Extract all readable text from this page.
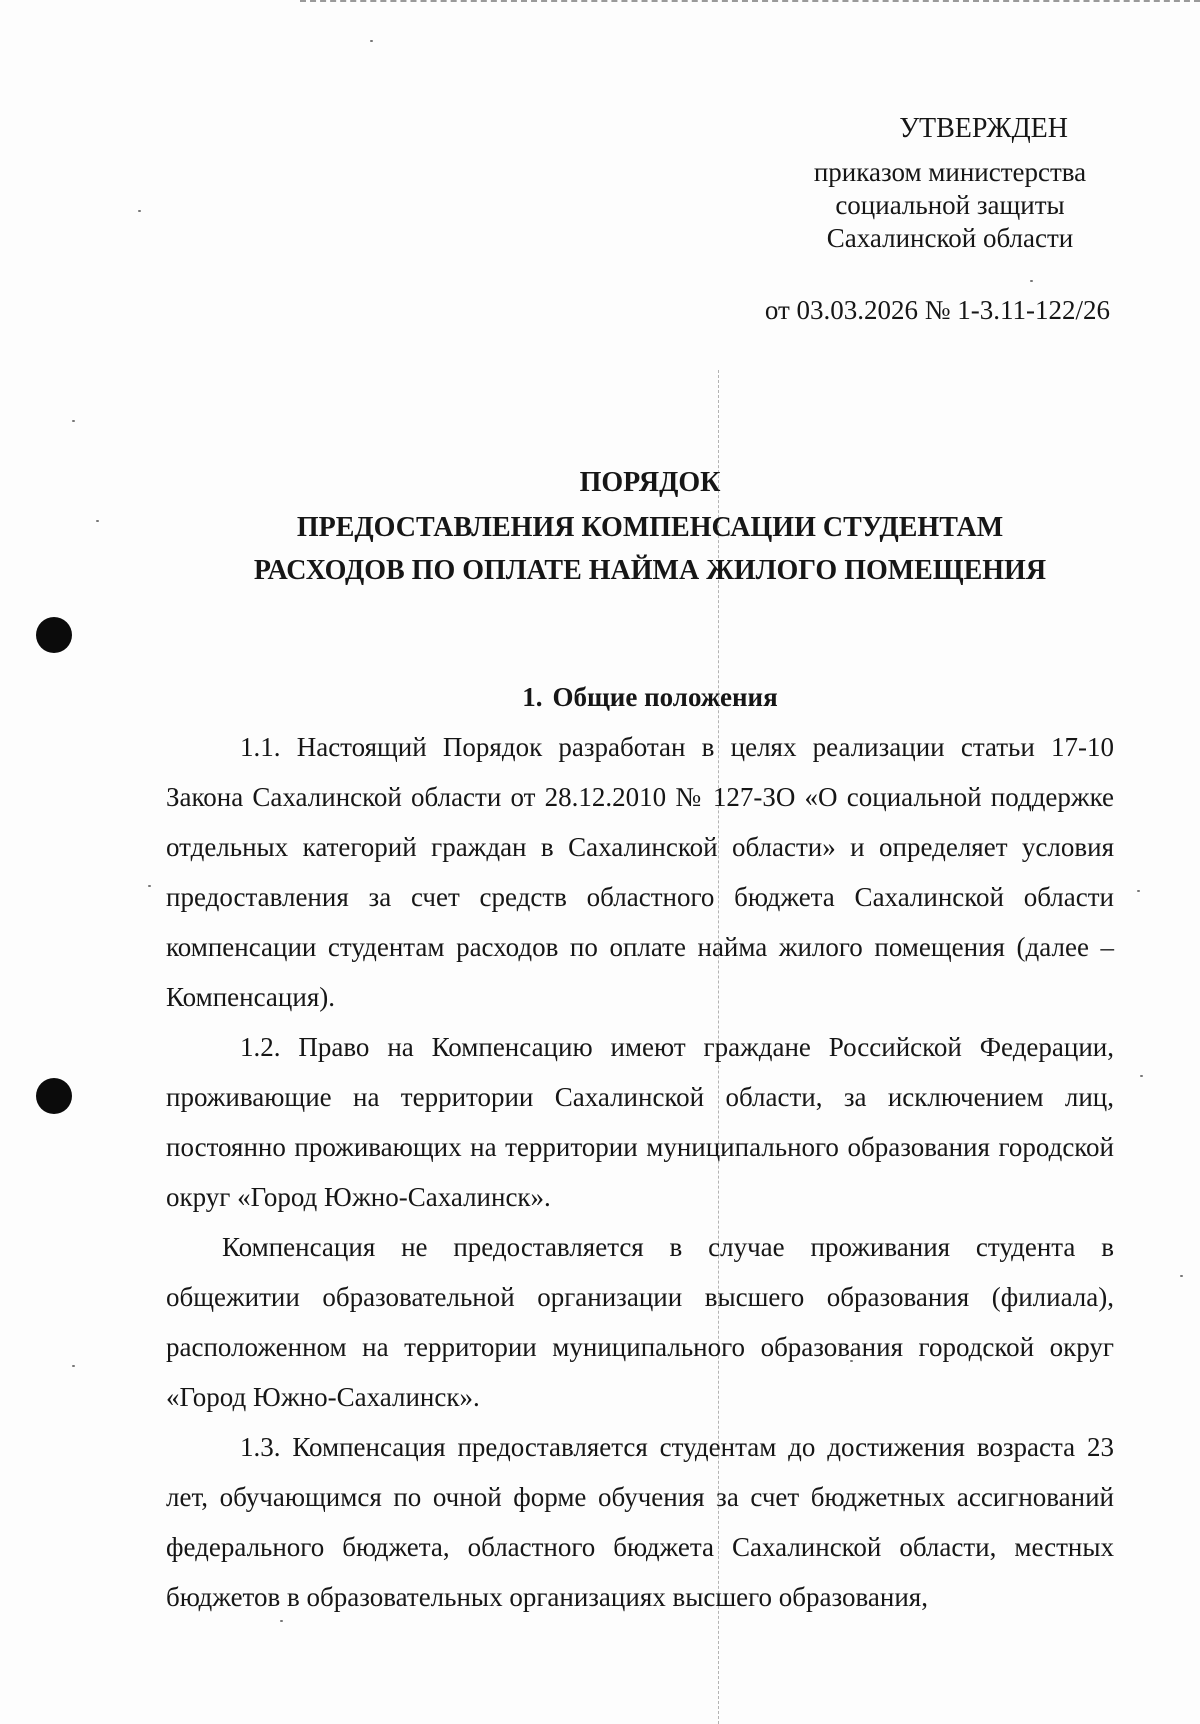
УТВЕРЖДЕН
приказом министерства
социальной защиты
Сахалинской области
от 03.03.2026 № 1-3.11-122/26
ПОРЯДОК
ПРЕДОСТАВЛЕНИЯ КОМПЕНСАЦИИ СТУДЕНТАМ
РАСХОДОВ ПО ОПЛАТЕ НАЙМА ЖИЛОГО ПОМЕЩЕНИЯ
1. Общие положения

1.1. Настоящий Порядок разработан в целях реализации статьи 17-10 Закона Сахалинской области от 28.12.2010 № 127-ЗО «О социальной поддержке отдельных категорий граждан в Сахалинской области» и определяет условия предоставления за счет средств областного бюджета Сахалинской области компенсации студентам расходов по оплате найма жилого помещения (далее – Компенсация).

1.2. Право на Компенсацию имеют граждане Российской Федерации, проживающие на территории Сахалинской области, за исключением лиц, постоянно проживающих на территории муниципального образования городской округ «Город Южно-Сахалинск».

Компенсация не предоставляется в случае проживания студента в общежитии образовательной организации высшего образования (филиала), расположенном на территории муниципального образования городской округ «Город Южно-Сахалинск».

1.3. Компенсация предоставляется студентам до достижения возраста 23 лет, обучающимся по очной форме обучения за счет бюджетных ассигнований федерального бюджета, областного бюджета Сахалинской области, местных бюджетов в образовательных организациях высшего образования,
